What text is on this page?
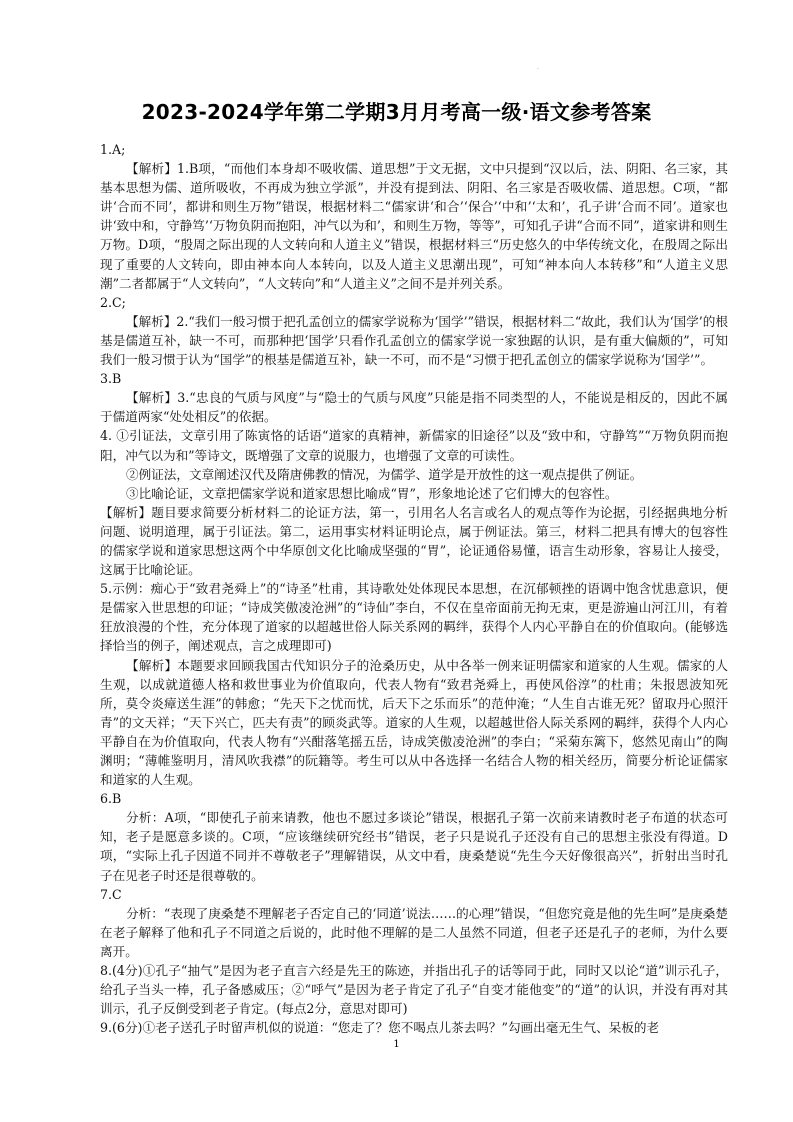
·
2023-2024学年第二学期3月月考高一级·语文参考答案

1.A;

【解析】1.B项，“而他们本身却不吸收儒、道思想”于文无据，文中只提到“汉以后，法、阴阳、名三家，其基本思想为儒、道所吸收，不再成为独立学派”，并没有提到法、阴阳、名三家是否吸收儒、道思想。C项，“都讲‘合而不同’，都讲和则生万物”错误，根据材料二“儒家讲‘和合’‘保合’‘中和’‘太和’，孔子讲‘合而不同’。道家也讲‘致中和，守静笃’‘万物负阴而抱阳，冲气以为和’，和则生万物，等等”，可知孔子讲“合而不同”，道家讲和则生万物。D项，“殷周之际出现的人文转向和人道主义”错误，根据材料三“历史悠久的中华传统文化，在殷周之际出现了重要的人文转向，即由神本向人本转向，以及人道主义思潮出现”，可知“神本向人本转移”和“人道主义思潮”二者都属于“人文转向”，“人文转向”和“人道主义”之间不是并列关系。

2.C;

【解析】2.“我们一般习惯于把孔孟创立的儒家学说称为‘国学’”错误，根据材料二“故此，我们认为‘国学’的根基是儒道互补，缺一不可，而那种把‘国学’只看作孔孟创立的儒家学说一家独踞的认识，是有重大偏颇的”，可知我们一般习惯于认为“国学”的根基是儒道互补，缺一不可，而不是“习惯于把孔孟创立的儒家学说称为‘国学’”。

3.B

【解析】3.“忠良的气质与风度”与“隐士的气质与风度”只能是指不同类型的人，不能说是相反的，因此不属于儒道两家“处处相反”的依据。

4. ①引证法，文章引用了陈寅恪的话语“道家的真精神，新儒家的旧途径”以及“致中和，守静笃”“万物负阴而抱阳，冲气以为和”等诗文，既增强了文章的说服力，也增强了文章的可读性。

②例证法，文章阐述汉代及隋唐佛教的情况，为儒学、道学是开放性的这一观点提供了例证。

③比喻论证，文章把儒家学说和道家思想比喻成“胃”，形象地论述了它们博大的包容性。

【解析】题目要求简要分析材料二的论证方法，第一，引用名人名言或名人的观点等作为论据，引经据典地分析问题、说明道理，属于引证法。第二，运用事实材料证明论点，属于例证法。第三，材料二把具有博大的包容性的儒家学说和道家思想这两个中华原创文化比喻成坚强的“胃”，论证通俗易懂，语言生动形象，容易让人接受，这属于比喻论证。

5.示例：痴心于“致君尧舜上”的“诗圣”杜甫，其诗歌处处体现民本思想，在沉郁顿挫的语调中饱含忧患意识，便是儒家入世思想的印证；“诗成笑傲凌沧洲”的“诗仙”李白，不仅在皇帝面前无拘无束，更是游遍山河江川，有着狂放浪漫的个性，充分体现了道家的以超越世俗人际关系网的羁绊，获得个人内心平静自在的价值取向。(能够选择恰当的例子，阐述观点，言之成理即可)

【解析】本题要求回顾我国古代知识分子的沧桑历史，从中各举一例来证明儒家和道家的人生观。儒家的人生观，以成就道德人格和救世事业为价值取向，代表人物有“致君尧舜上，再使风俗淳”的杜甫；朱报恩波知死所，莫令炎瘴送生涯”的韩愈；“先天下之忧而忧，后天下之乐而乐”的范仲淹；“人生自古谁无死？留取丹心照汗青”的文天祥；“天下兴亡，匹夫有责”的顾炎武等。道家的人生观，以超越世俗人际关系网的羁绊，获得个人内心平静自在为价值取向，代表人物有“兴酣落笔摇五岳，诗成笑傲凌沧洲”的李白；“采菊东篱下，悠然见南山”的陶渊明；“薄帷鉴明月，清风吹我襟”的阮籍等。考生可以从中各选择一名结合人物的相关经历，简要分析论证儒家和道家的人生观。

6.B

分析：A项，“即使孔子前来请教，他也不愿过多谈论”错误，根据孔子第一次前来请教时老子布道的状态可知，老子是愿意多谈的。C项，“应该继续研究经书”错误，老子只是说孔子还没有自己的思想主张没有得道。D项，“实际上孔子因道不同并不尊敬老子”理解错误，从文中看，庚桑楚说“先生今天好像很高兴”，折射出当时孔子在见老子时还是很尊敬的。

7.C

分析：“表现了庚桑楚不理解老子否定自己的‘同道’说法……的心理”错误，“但您究竟是他的先生呵”是庚桑楚在老子解释了他和孔子不同道之后说的，此时他不理解的是二人虽然不同道，但老子还是孔子的老师，为什么要离开。

8.(4分)①孔子“抽气”是因为老子直言六经是先王的陈迹，并指出孔子的话等同于此，同时又以论“道”训示孔子，给孔子当头一棒，孔子备感威压；②“呼气”是因为老子肯定了孔子“自变才能他变”的“道”的认识，并没有再对其训示，孔子反倒受到老子肯定。(每点2分，意思对即可)

9.(6分)①老子送孔子时留声机似的说道：“您走了？您不喝点儿茶去吗？”勾画出毫无生气、呆板的老

1
